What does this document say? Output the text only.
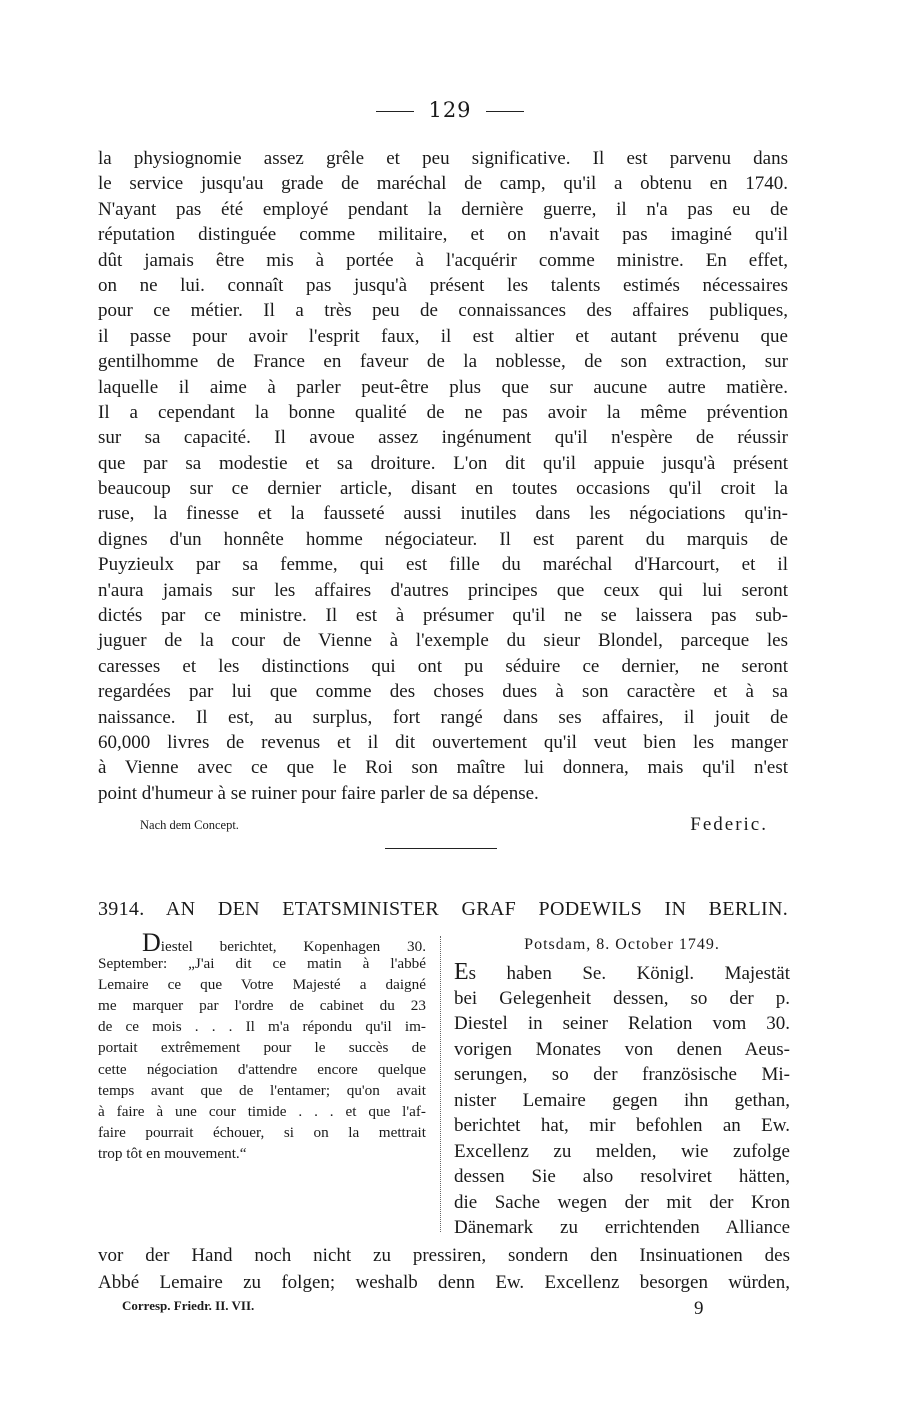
129
la physiognomie assez grêle et peu significative. Il est parvenu dans
le service jusqu'au grade de maréchal de camp, qu'il a obtenu en 1740.
N'ayant pas été employé pendant la dernière guerre, il n'a pas eu de
réputation distinguée comme militaire, et on n'avait pas imaginé qu'il
dût jamais être mis à portée à l'acquérir comme ministre. En effet,
on ne lui. connaît pas jusqu'à présent les talents estimés nécessaires
pour ce métier. Il a très peu de connaissances des affaires publiques,
il passe pour avoir l'esprit faux, il est altier et autant prévenu que
gentilhomme de France en faveur de la noblesse, de son extraction, sur
laquelle il aime à parler peut-être plus que sur aucune autre matière.
Il a cependant la bonne qualité de ne pas avoir la même prévention
sur sa capacité. Il avoue assez ingénument qu'il n'espère de réussir
que par sa modestie et sa droiture. L'on dit qu'il appuie jusqu'à présent
beaucoup sur ce dernier article, disant en toutes occasions qu'il croit la
ruse, la finesse et la fausseté aussi inutiles dans les négociations qu'in-
dignes d'un honnête homme négociateur. Il est parent du marquis de
Puyzieulx par sa femme, qui est fille du maréchal d'Harcourt, et il
n'aura jamais sur les affaires d'autres principes que ceux qui lui seront
dictés par ce ministre. Il est à présumer qu'il ne se laissera pas sub-
juguer de la cour de Vienne à l'exemple du sieur Blondel, parceque les
caresses et les distinctions qui ont pu séduire ce dernier, ne seront
regardées par lui que comme des choses dues à son caractère et à sa
naissance. Il est, au surplus, fort rangé dans ses affaires, il jouit de
60,000 livres de revenus et il dit ouvertement qu'il veut bien les manger
à Vienne avec ce que le Roi son maître lui donnera, mais qu'il n'est
point d'humeur à se ruiner pour faire parler de sa dépense.
Nach dem Concept.	Federic.
3914. AN DEN ETATSMINISTER GRAF PODEWILS IN BERLIN.
Diestel berichtet, Kopenhagen 30.
September: „J'ai dit ce matin à l'abbé
Lemaire ce que Votre Majesté a daigné
me marquer par l'ordre de cabinet du 23
de ce mois . . . Il m'a répondu qu'il im-
portait extrêmement pour le succès de
cette négociation d'attendre encore quelque
temps avant que de l'entamer; qu'on avait
à faire à une cour timide . . . et que l'af-
faire pourrait échouer, si on la mettrait
trop tôt en mouvement.“
Potsdam, 8. October 1749.
Es haben Se. Königl. Majestät
bei Gelegenheit dessen, so der p.
Diestel in seiner Relation vom 30.
vorigen Monates von denen Aeus-
serungen, so der französische Mi-
nister Lemaire gegen ihn gethan,
berichtet hat, mir befohlen an Ew.
Excellenz zu melden, wie zufolge
dessen Sie also resolviret hätten,
die Sache wegen der mit der Kron
Dänemark zu errichtenden Alliance
vor der Hand noch nicht zu pressiren, sondern den Insinuationen des
Abbé Lemaire zu folgen; weshalb denn Ew. Excellenz besorgen würden,
Corresp. Friedr. II. VII.	9
